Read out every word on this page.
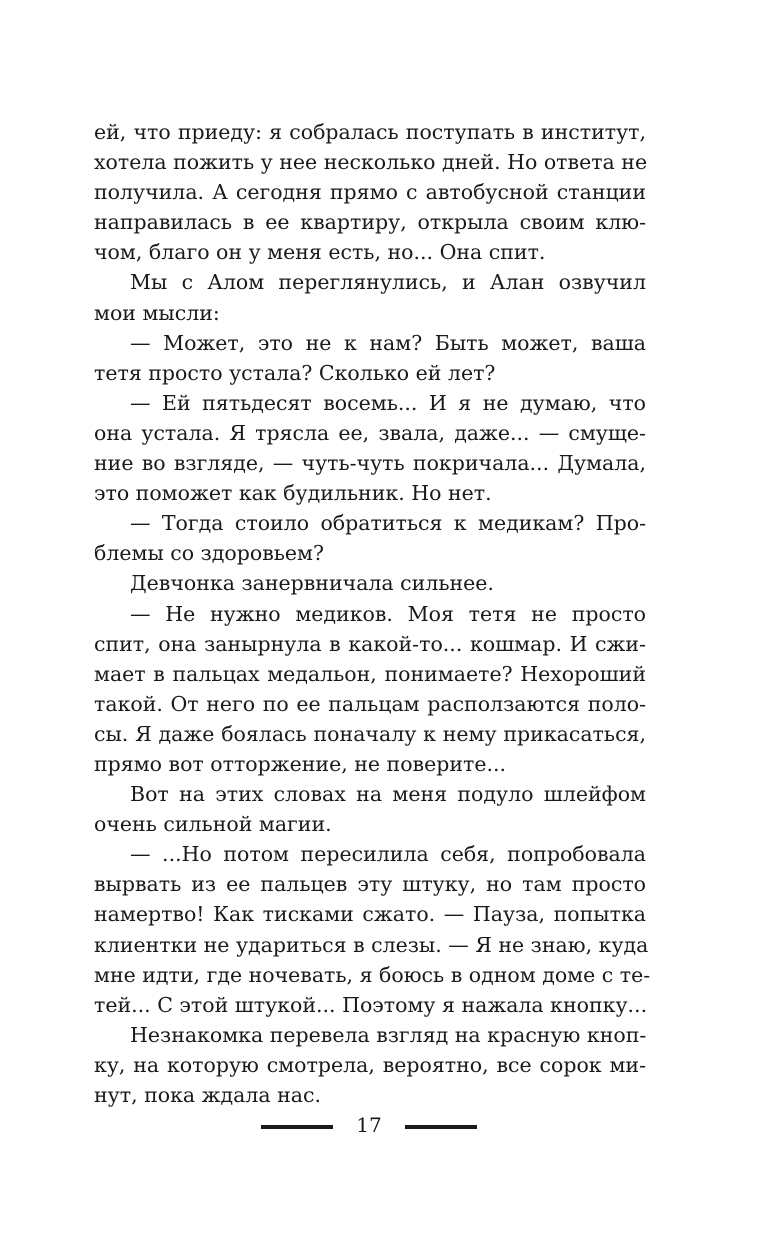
ей, что приеду: я собралась поступать в институт,
хотела пожить у нее несколько дней. Но ответа не
получила. А сегодня прямо с автобусной станции
направилась в ее квартиру, открыла своим клю-
чом, благо он у меня есть, но... Она спит.
Мы с Алом переглянулись, и Алан озвучил
мои мысли:
— Может, это не к нам? Быть может, ваша
тетя просто устала? Сколько ей лет?
— Ей пятьдесят восемь... И я не думаю, что
она устала. Я трясла ее, звала, даже... — смуще-
ние во взгляде, — чуть-чуть покричала... Думала,
это поможет как будильник. Но нет.
— Тогда стоило обратиться к медикам? Про-
блемы со здоровьем?
Девчонка занервничала сильнее.
— Не нужно медиков. Моя тетя не просто
спит, она занырнула в какой-то... кошмар. И сжи-
мает в пальцах медальон, понимаете? Нехороший
такой. От него по ее пальцам расползаются поло-
сы. Я даже боялась поначалу к нему прикасаться,
прямо вот отторжение, не поверите...
Вот на этих словах на меня подуло шлейфом
очень сильной магии.
— ...Но потом пересилила себя, попробовала
вырвать из ее пальцев эту штуку, но там просто
намертво! Как тисками сжато. — Пауза, попытка
клиентки не удариться в слезы. — Я не знаю, куда
мне идти, где ночевать, я боюсь в одном доме с те-
тей... С этой штукой... Поэтому я нажала кнопку...
Незнакомка перевела взгляд на красную кноп-
ку, на которую смотрела, вероятно, все сорок ми-
нут, пока ждала нас.
17
